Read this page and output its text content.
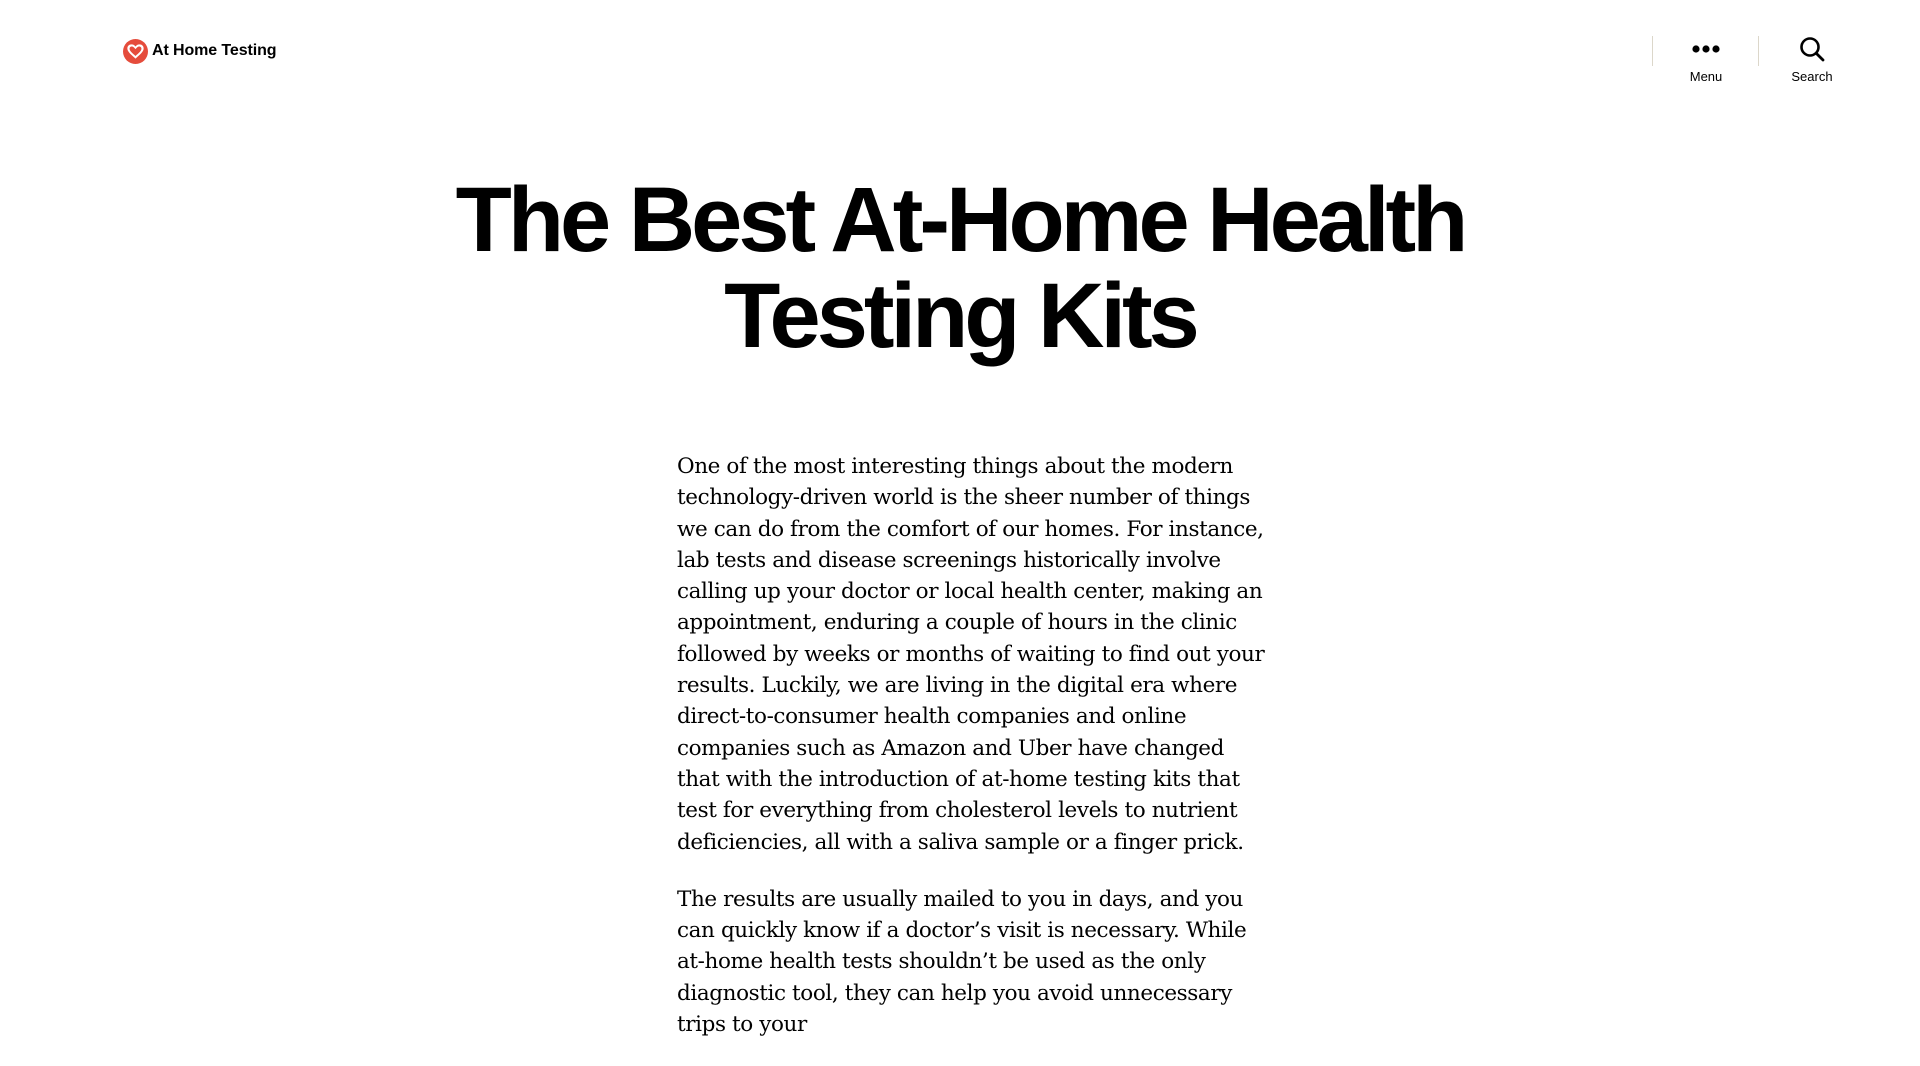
At Home Testing
Menu	Search
The Best At-Home Health Testing Kits

One of the most interesting things about the modern technology-driven world is the sheer number of things we can do from the comfort of our homes. For instance, lab tests and disease screenings historically involve calling up your doctor or local health center, making an appointment, enduring a couple of hours in the clinic followed by weeks or months of waiting to find out your results. Luckily, we are living in the digital era where direct-to-consumer health companies and online companies such as Amazon and Uber have changed that with the introduction of at-home testing kits that test for everything from cholesterol levels to nutrient deficiencies, all with a saliva sample or a finger prick.

The results are usually mailed to you in days, and you can quickly know if a doctor’s visit is necessary. While at-home health tests shouldn’t be used as the only diagnostic tool, they can help you avoid unnecessary trips to your
